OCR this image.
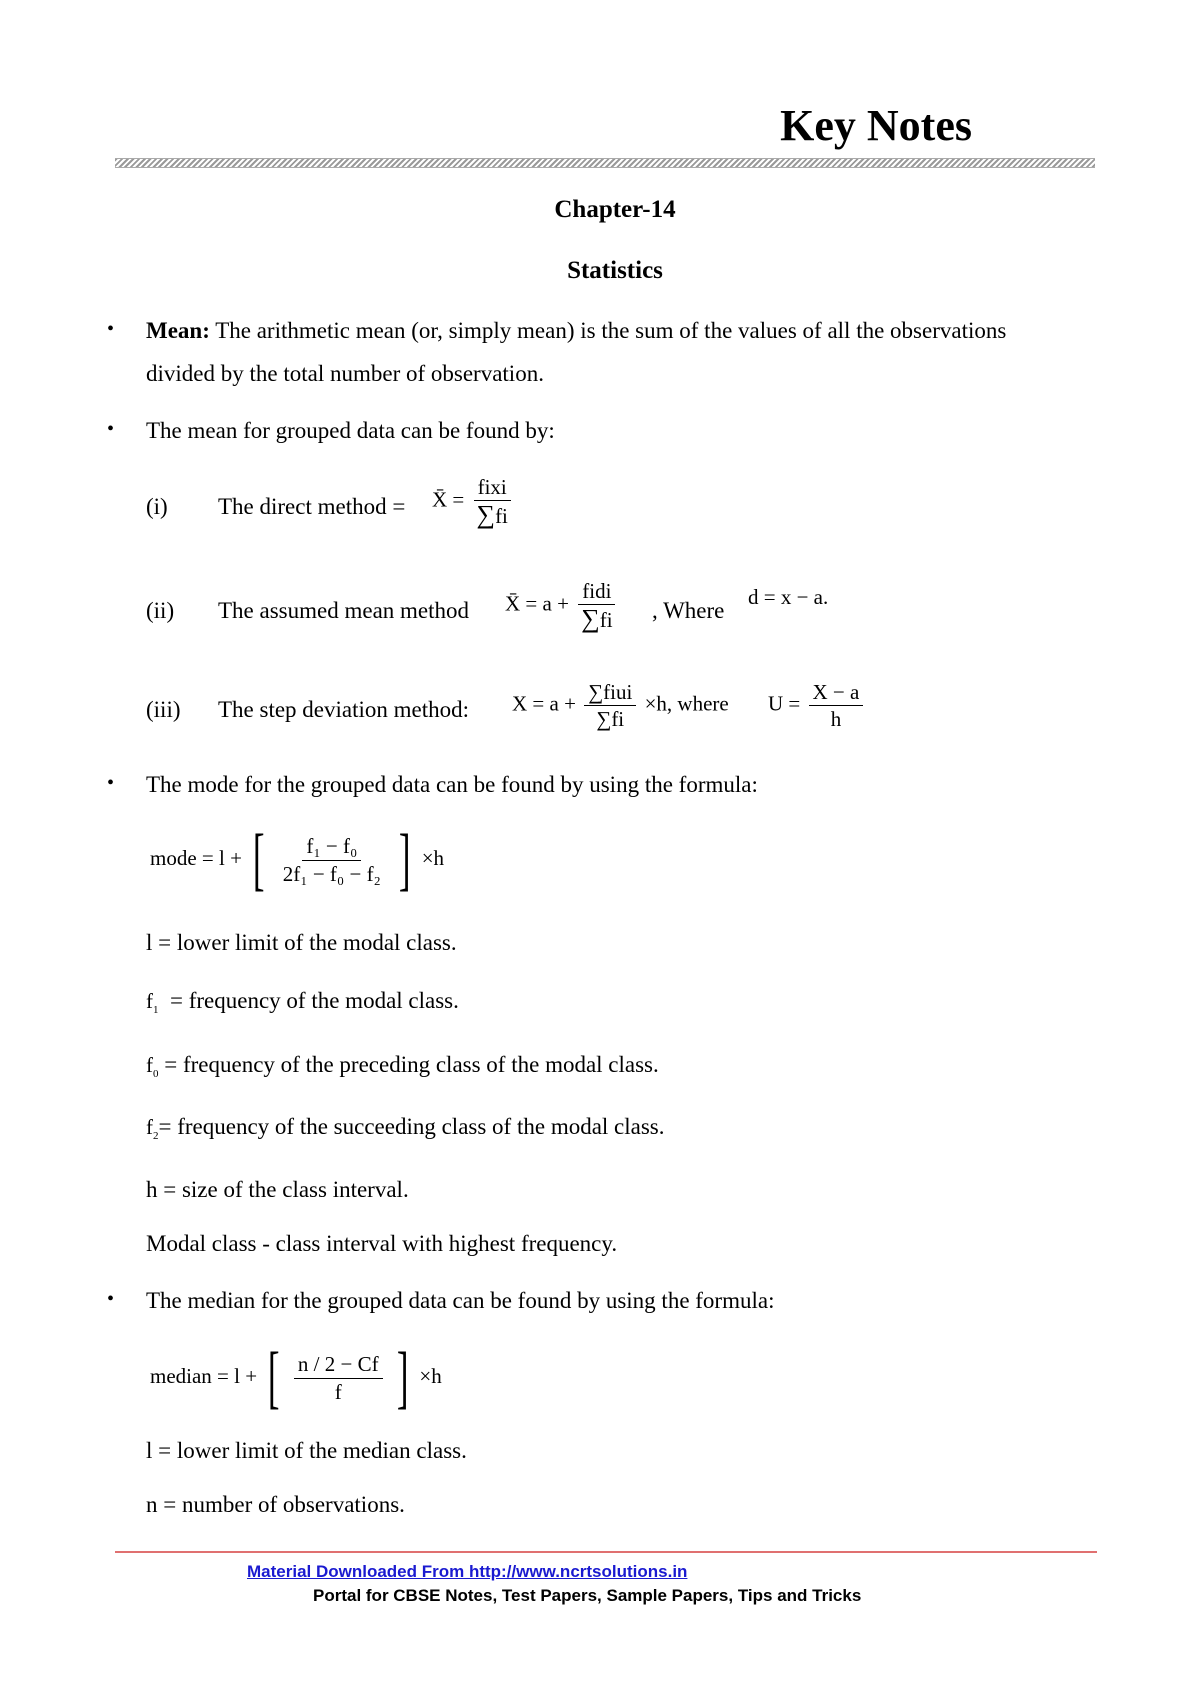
Key Notes
Chapter-14
Statistics
• Mean: The arithmetic mean (or, simply mean) is the sum of the values of all the observations
divided by the total number of observation.
• The mean for grouped data can be found by:
(i) The direct method = X̄ = $\frac{\text{fixi}}{\sum fi}$
(ii) The assumed mean method X̄ = $a + \frac{\text{fidi}}{\sum fi}$ , Where
d = x − a.
(iii) The step deviation method: $X = a + \frac{\text{∑fiui}}{\sum fi} \times h$, where $U = \frac{X - a}{h}$
• The mode for the grouped data can be found by using the formula:
mode = l + [ $\frac{\text{f₁ − f₀}}{\text{2f₁ − f₀ − f₂}}$ ] ×h
l = lower limit of the modal class.
$f_1$ = frequency of the modal class.
$f_0$ = frequency of the preceding class of the modal class.
$f_2=$ frequency of the succeeding class of the modal class.
h = size of the class interval.
Modal class - class interval with highest frequency.
• The median for the grouped data can be found by using the formula:
median = l + [ $\frac{n / 2 - Cf}{f}$ ] ×h
l = lower limit of the median class.
n = number of observations.
Material Downloaded From http://www.ncrtsolutions.in
Portal for CBSE Notes, Test Papers, Sample Papers, Tips and Tricks
